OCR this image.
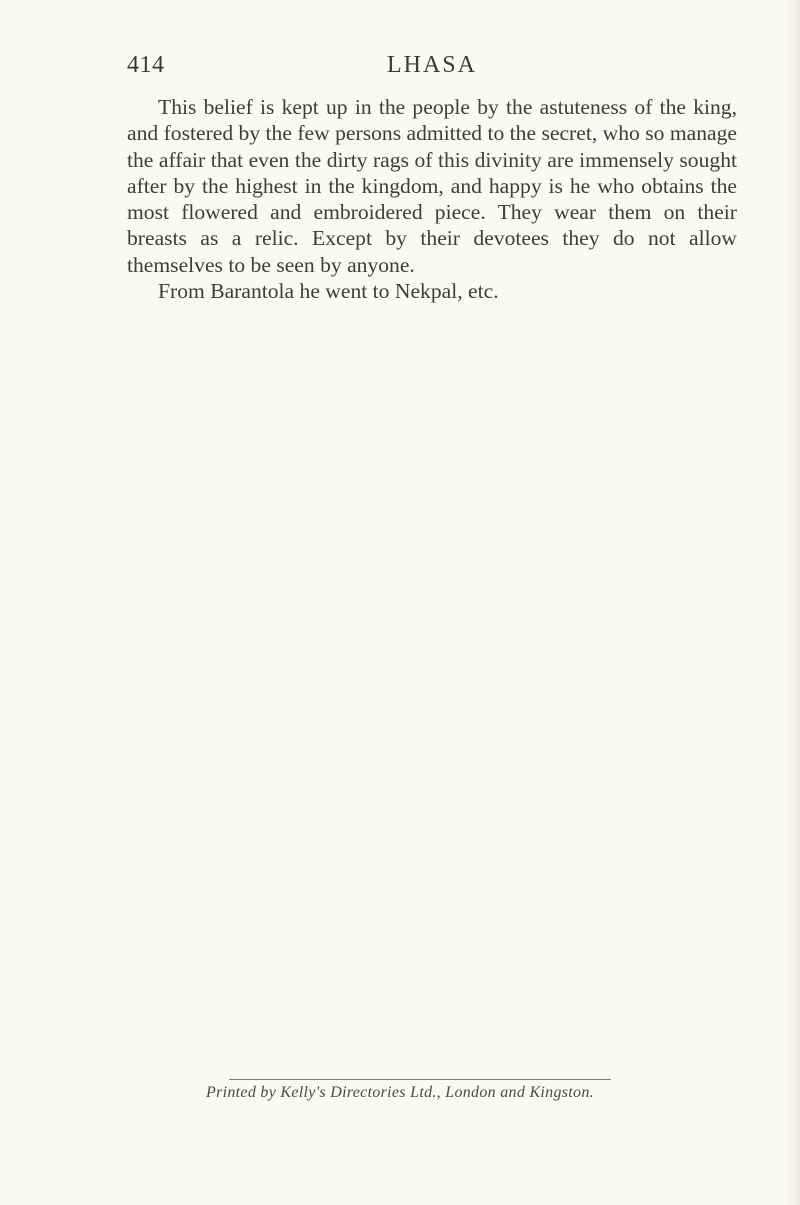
414	LHASA

This belief is kept up in the people by the astuteness of the king, and fostered by the few persons admitted to the secret, who so manage the affair that even the dirty rags of this divinity are immensely sought after by the highest in the kingdom, and happy is he who obtains the most flowered and embroidered piece. They wear them on their breasts as a relic. Except by their devotees they do not allow themselves to be seen by anyone.

From Barantola he went to Nekpal, etc.

Printed by Kelly's Directories Ltd., London and Kingston.
